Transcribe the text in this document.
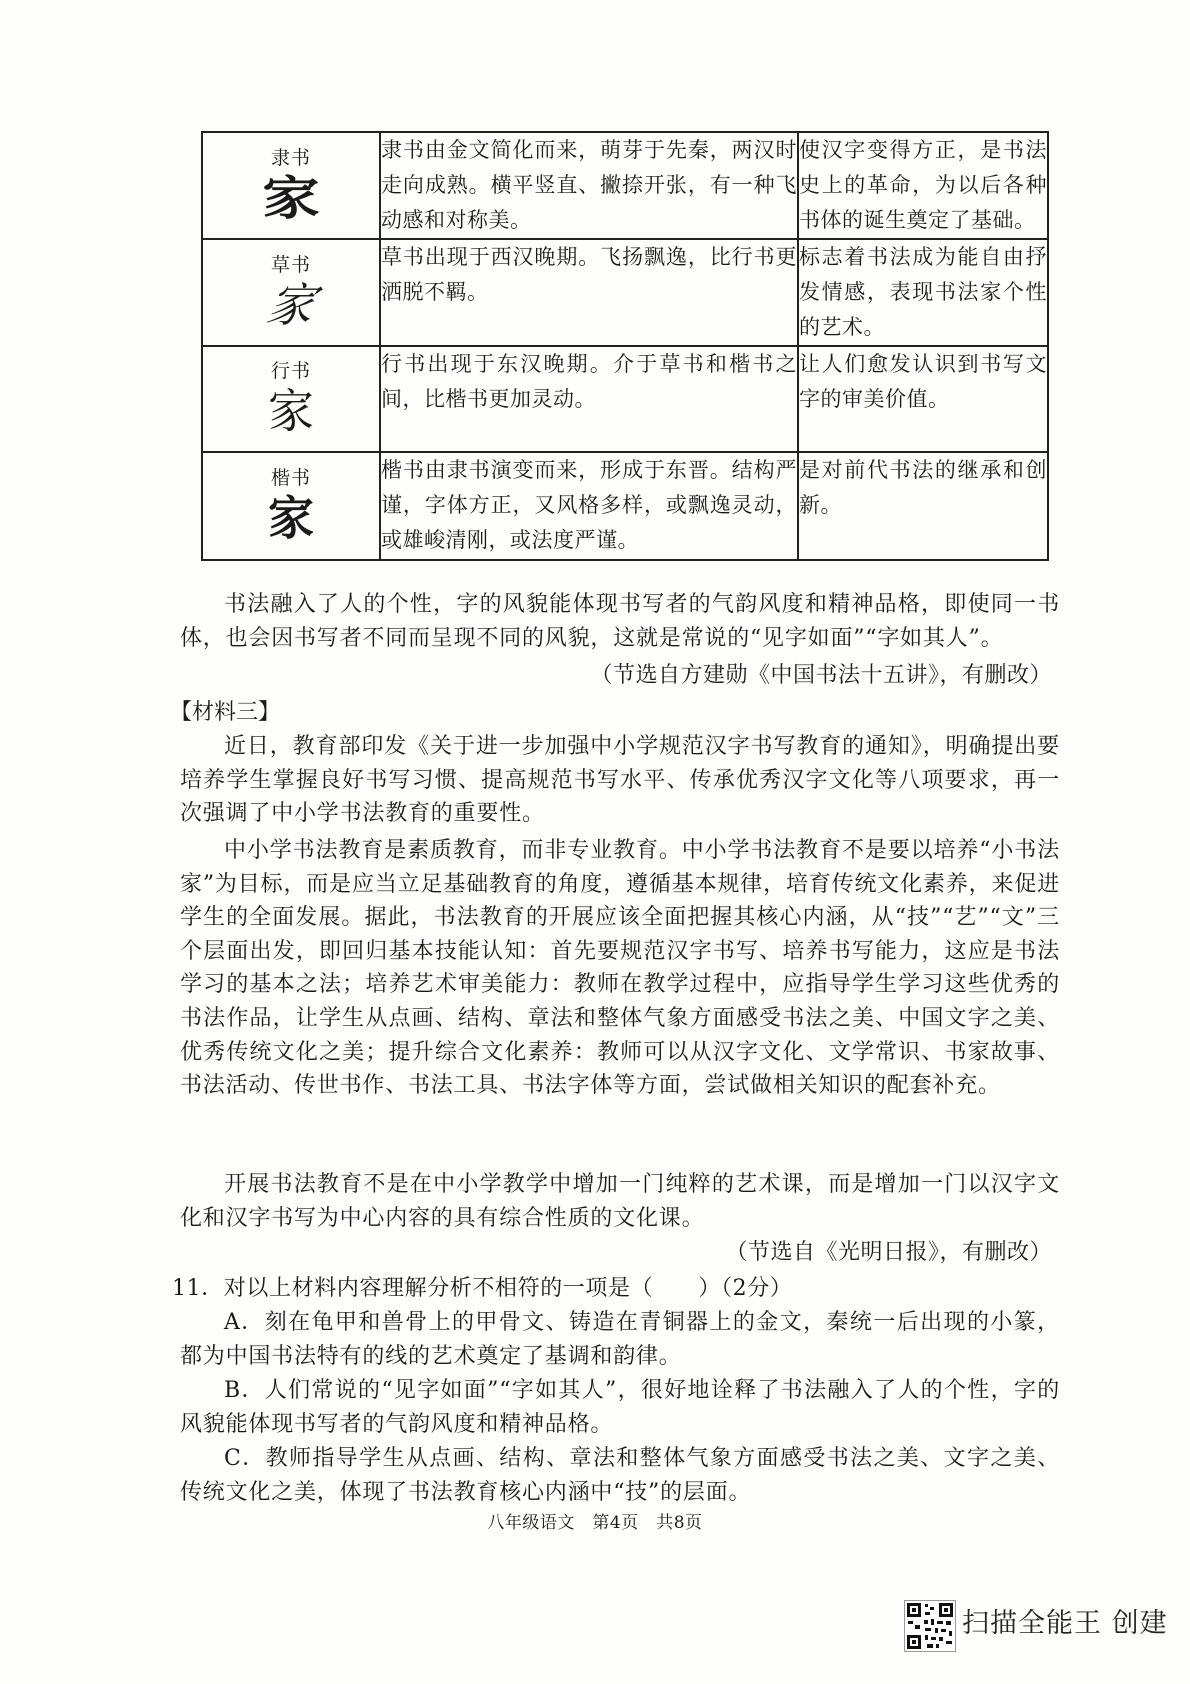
隶书
家	隶书由金文简化而来，萌芽于先秦，两汉时走向成熟。横平竖直、撇捺开张，有一种飞动感和对称美。	使汉字变得方正，是书法史上的革命，为以后各种书体的诞生奠定了基础。

草书
家	草书出现于西汉晚期。飞扬飘逸，比行书更洒脱不羁。	标志着书法成为能自由抒发情感，表现书法家个性的艺术。

行书
家	行书出现于东汉晚期。介于草书和楷书之间，比楷书更加灵动。	让人们愈发认识到书写文字的审美价值。

楷书
家	楷书由隶书演变而来，形成于东晋。结构严谨，字体方正，又风格多样，或飘逸灵动，或雄峻清刚，或法度严谨。	是对前代书法的继承和创新。

书法融入了人的个性，字的风貌能体现书写者的气韵风度和精神品格，即使同一书体，也会因书写者不同而呈现不同的风貌，这就是常说的“见字如面”“字如其人”。

（节选自方建勋《中国书法十五讲》，有删改）
【材料三】

近日，教育部印发《关于进一步加强中小学规范汉字书写教育的通知》，明确提出要培养学生掌握良好书写习惯、提高规范书写水平、传承优秀汉字文化等八项要求，再一次强调了中小学书法教育的重要性。

中小学书法教育是素质教育，而非专业教育。中小学书法教育不是要以培养“小书法家”为目标，而是应当立足基础教育的角度，遵循基本规律，培育传统文化素养，来促进学生的全面发展。据此，书法教育的开展应该全面把握其核心内涵，从“技”“艺”“文”三个层面出发，即回归基本技能认知：首先要规范汉字书写、培养书写能力，这应是书法学习的基本之法；培养艺术审美能力：教师在教学过程中，应指导学生学习这些优秀的书法作品，让学生从点画、结构、章法和整体气象方面感受书法之美、中国文字之美、优秀传统文化之美；提升综合文化素养：教师可以从汉字文化、文学常识、书家故事、书法活动、传世书作、书法工具、书法字体等方面，尝试做相关知识的配套补充。

开展书法教育不是在中小学教学中增加一门纯粹的艺术课，而是增加一门以汉字文化和汉字书写为中心内容的具有综合性质的文化课。

（节选自《光明日报》，有删改）
11．对以上材料内容理解分析不相符的一项是（　　）（2分）

A．刻在龟甲和兽骨上的甲骨文、铸造在青铜器上的金文，秦统一后出现的小篆，都为中国书法特有的线的艺术奠定了基调和韵律。

B．人们常说的“见字如面”“字如其人”，很好地诠释了书法融入了人的个性，字的风貌能体现书写者的气韵风度和精神品格。

C．教师指导学生从点画、结构、章法和整体气象方面感受书法之美、文字之美、传统文化之美，体现了书法教育核心内涵中“技”的层面。

八年级语文　第4页　共8页
扫描全能王 创建
